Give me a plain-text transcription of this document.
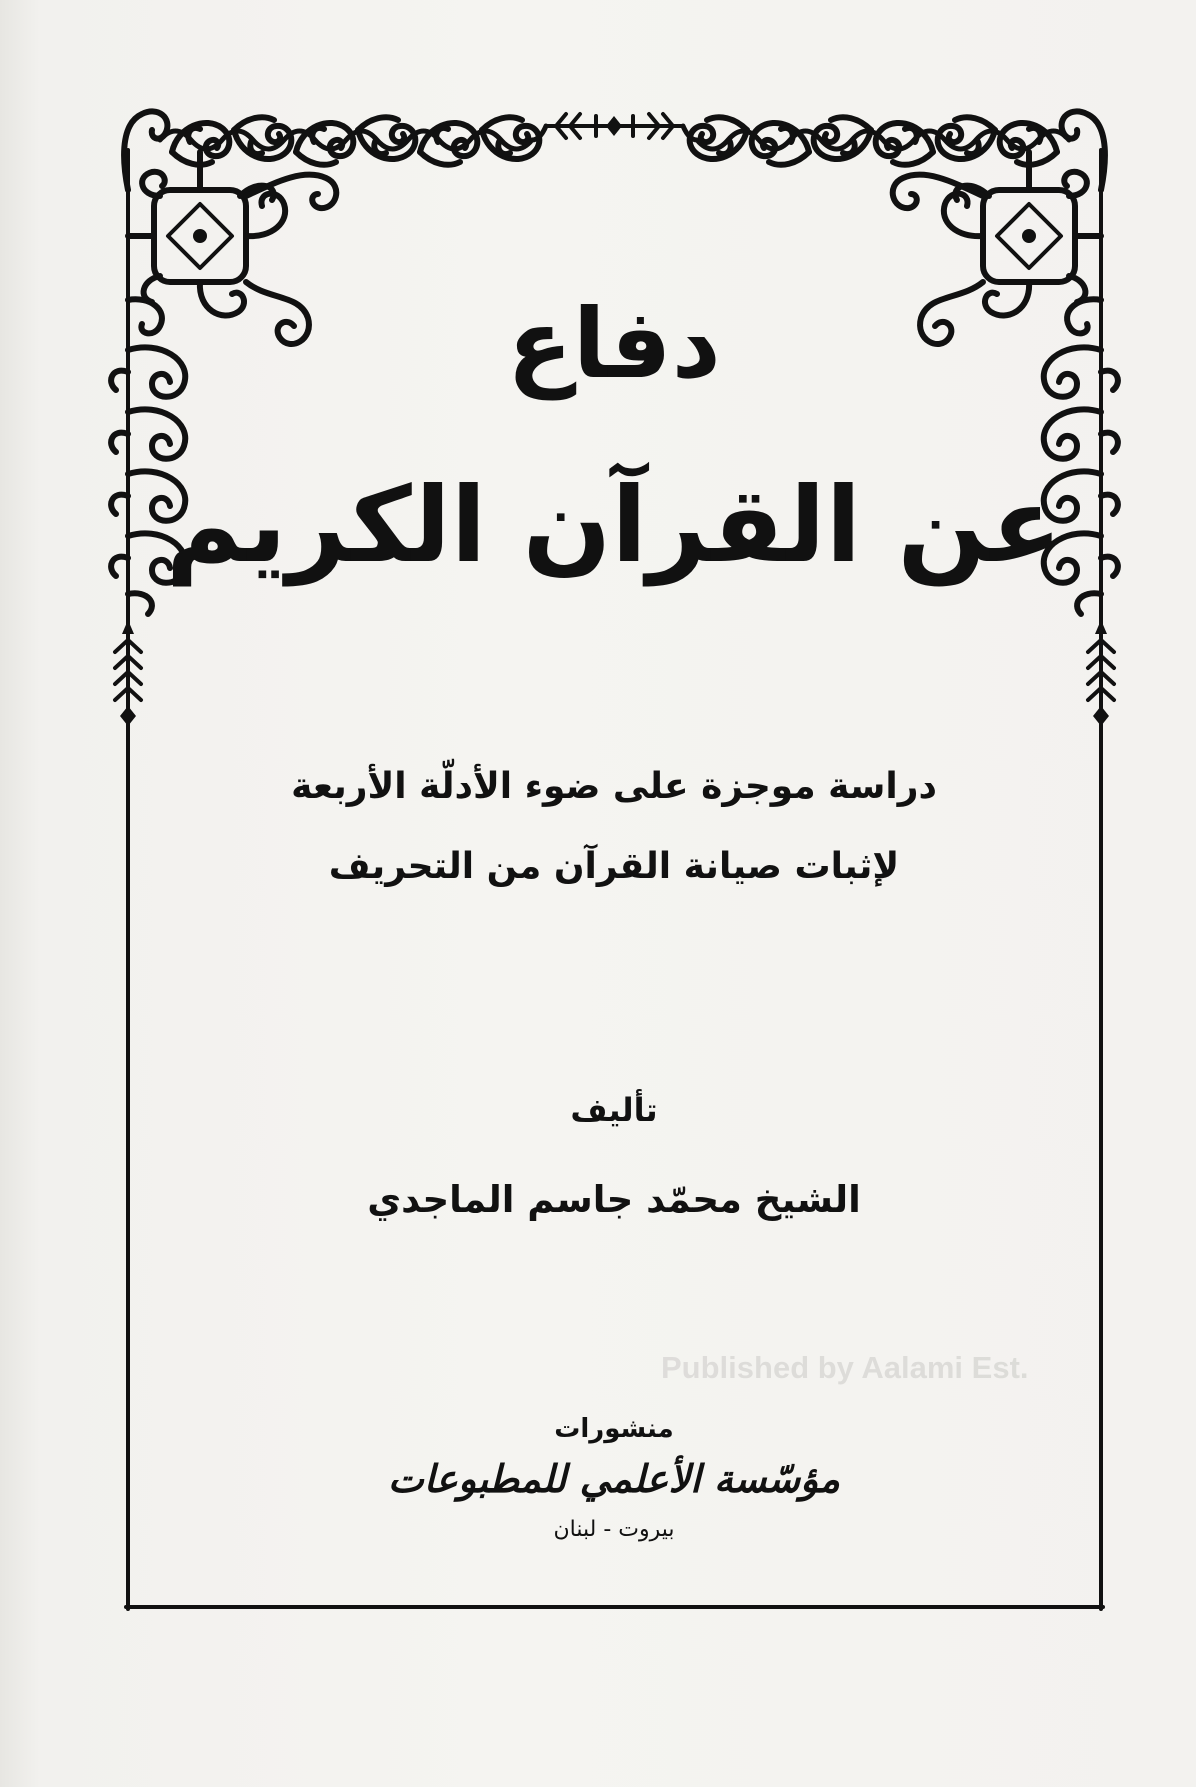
Published by Aalami Est.
دفاع
عن القرآن الكريم
دراسة موجزة على ضوء الأدلّة الأربعة
لإثبات صيانة القرآن من التحريف
تأليف
الشيخ محمّد جاسم الماجدي
منشورات
مؤسّسة الأعلمي للمطبوعات
بيروت - لبنان
